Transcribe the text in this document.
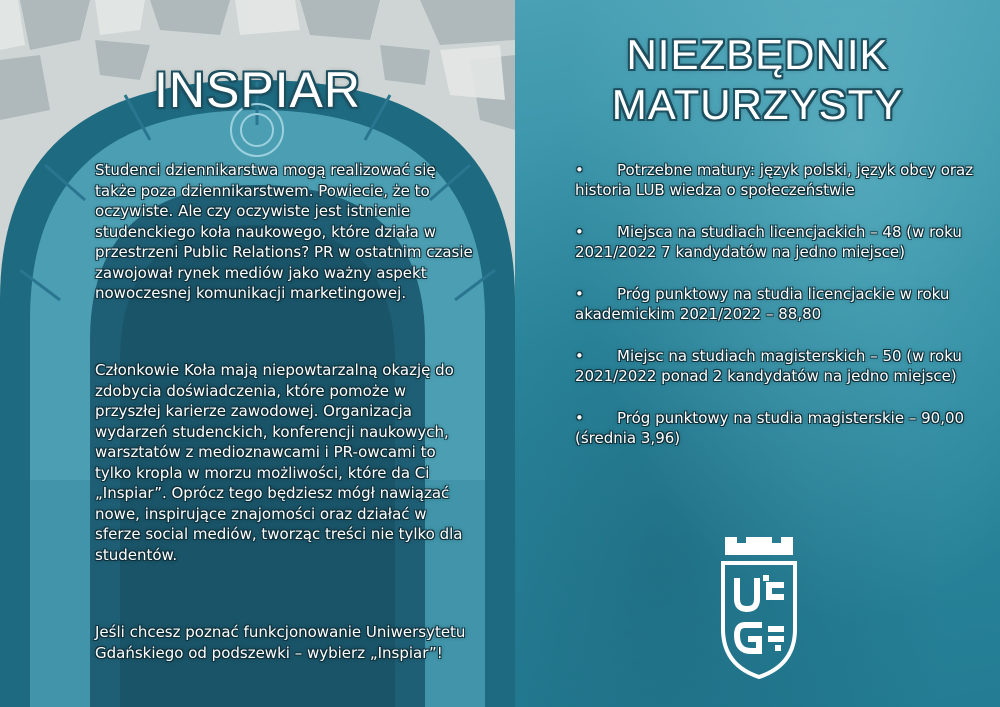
INSPIAR

Studenci dziennikarstwa mogą realizować się także poza dziennikarstwem. Powiecie, że to oczywiste. Ale czy oczywiste jest istnienie studenckiego koła naukowego, które działa w przestrzeni Public Relations? PR w ostatnim czasie zawojował rynek mediów jako ważny aspekt nowoczesnej komunikacji marketingowej.

Członkowie Koła mają niepowtarzalną okazję do zdobycia doświadczenia, które pomoże w przyszłej karierze zawodowej. Organizacja wydarzeń studenckich, konferencji naukowych, warsztatów z medioznawcami i PR-owcami to tylko kropla w morzu możliwości, które da Ci „Inspiar”. Oprócz tego będziesz mógł nawiązać nowe, inspirujące znajomości oraz działać w sferze social mediów, tworząc treści nie tylko dla studentów.

Jeśli chcesz poznać funkcjonowanie Uniwersytetu Gdańskiego od podszewki – wybierz „Inspiar”!

NIEZBĘDNIK
MATURZYSTY
• Potrzebne matury: język polski, język obcy oraz historia LUB wiedza o społeczeństwie
• Miejsca na studiach licencjackich – 48 (w roku 2021/2022 7 kandydatów na jedno miejsce)
• Próg punktowy na studia licencjackie w roku akademickim 2021/2022 – 88,80
• Miejsc na studiach magisterskich – 50 (w roku 2021/2022 ponad 2 kandydatów na jedno miejsce)
• Próg punktowy na studia magisterskie – 90,00 (średnia 3,96)
